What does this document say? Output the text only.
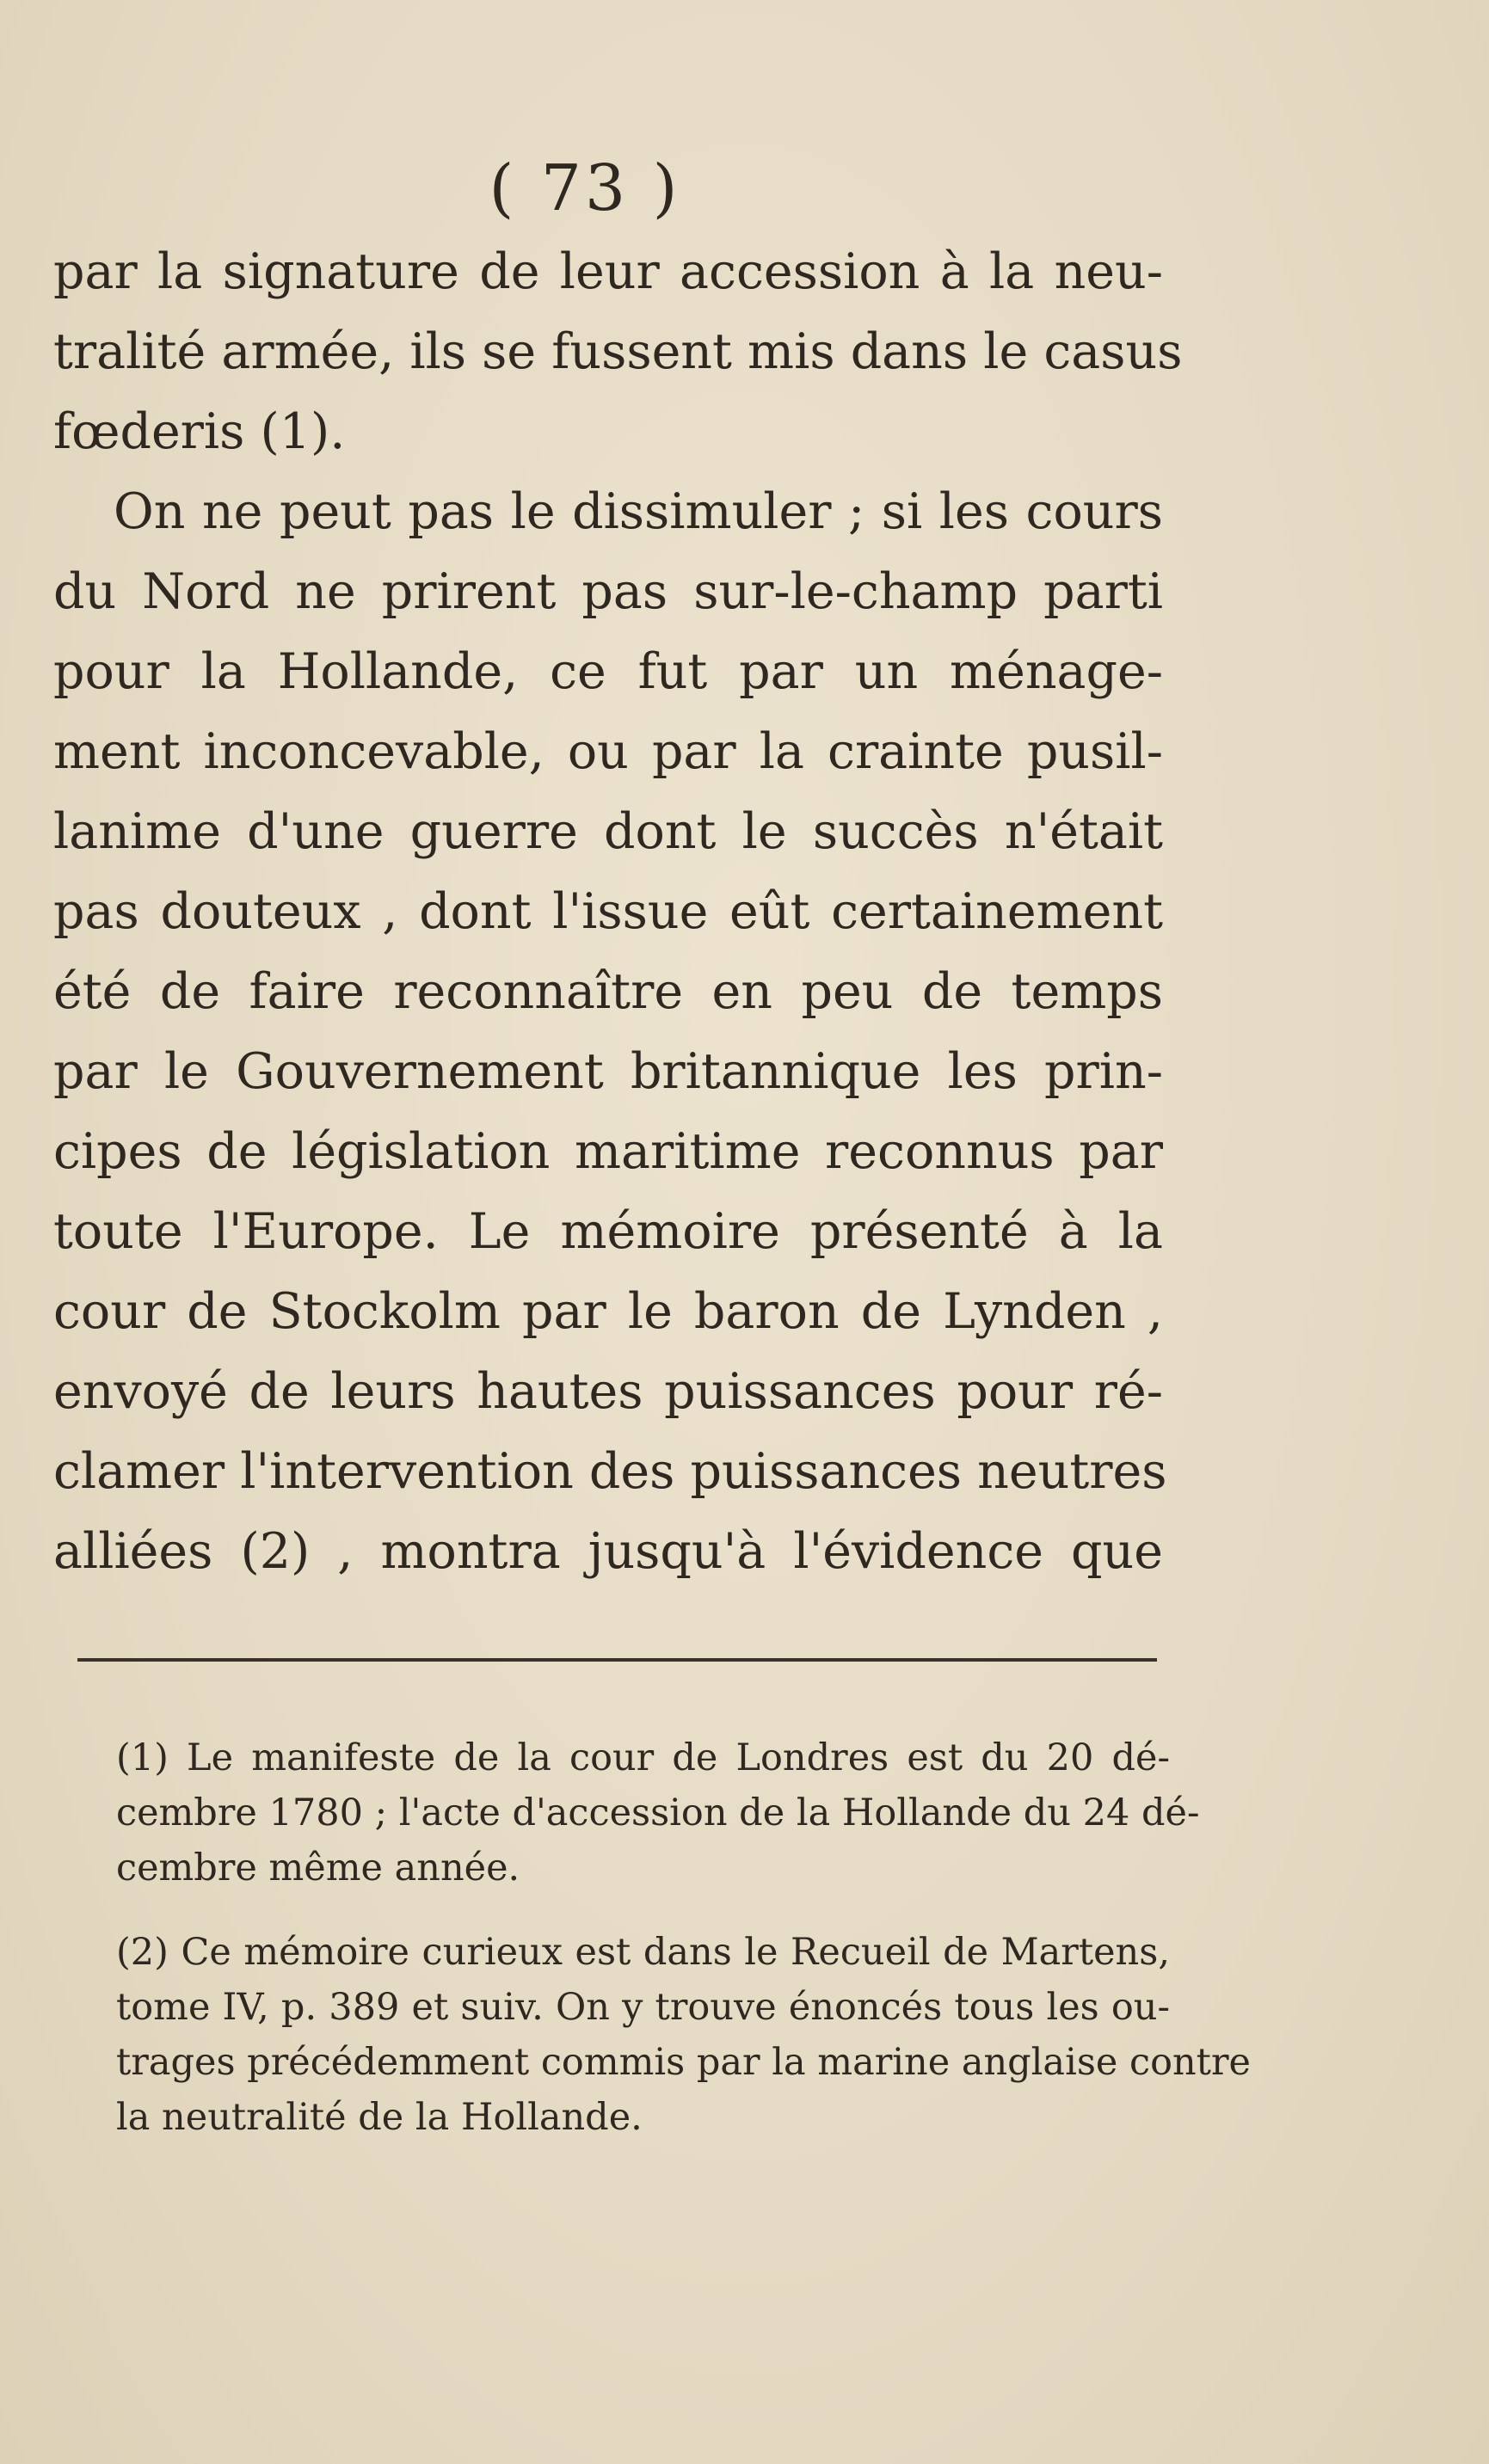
( 73 )
par la signature de leur accession à la neu-
tralité armée, ils se fussent mis dans le casus
fœderis (1).
On ne peut pas le dissimuler ; si les cours
du Nord ne prirent pas sur-le-champ parti
pour la Hollande, ce fut par un ménage-
ment inconcevable, ou par la crainte pusil-
lanime d'une guerre dont le succès n'était
pas douteux , dont l'issue eût certainement
été de faire reconnaître en peu de temps
par le Gouvernement britannique les prin-
cipes de législation maritime reconnus par
toute l'Europe. Le mémoire présenté à la
cour de Stockolm par le baron de Lynden ,
envoyé de leurs hautes puissances pour ré-
clamer l'intervention des puissances neutres
alliées (2) , montra jusqu'à l'évidence que
(1) Le manifeste de la cour de Londres est du 20 dé-
cembre 1780 ; l'acte d'accession de la Hollande du 24 dé-
cembre même année.
(2) Ce mémoire curieux est dans le Recueil de Martens,
tome IV, p. 389 et suiv. On y trouve énoncés tous les ou-
trages précédemment commis par la marine anglaise contre
la neutralité de la Hollande.
